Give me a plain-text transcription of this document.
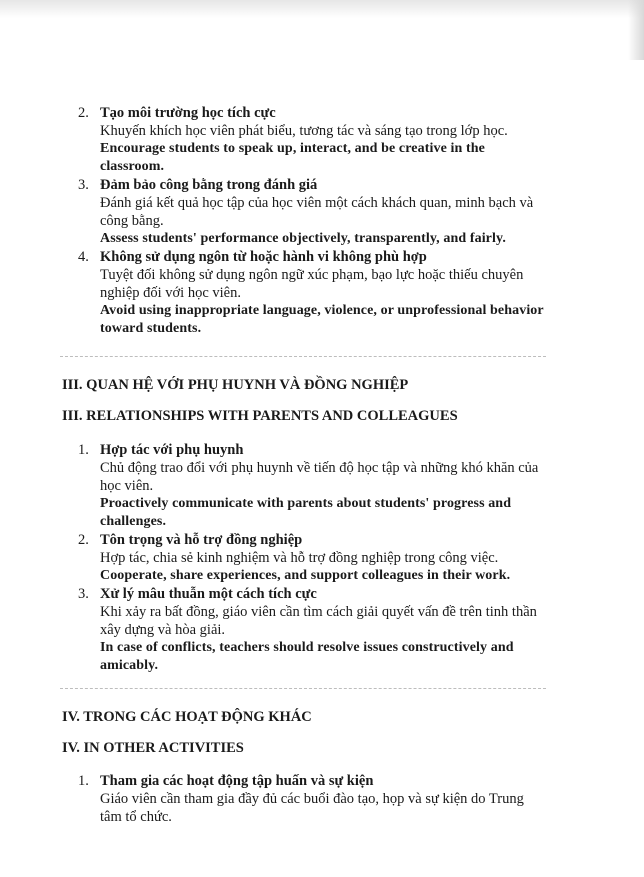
2. Tạo môi trường học tích cực
Khuyến khích học viên phát biểu, tương tác và sáng tạo trong lớp học.
Encourage students to speak up, interact, and be creative in the classroom.
3. Đảm bảo công bằng trong đánh giá
Đánh giá kết quả học tập của học viên một cách khách quan, minh bạch và công bằng.
Assess students' performance objectively, transparently, and fairly.
4. Không sử dụng ngôn từ hoặc hành vi không phù hợp
Tuyệt đối không sử dụng ngôn ngữ xúc phạm, bạo lực hoặc thiếu chuyên nghiệp đối với học viên.
Avoid using inappropriate language, violence, or unprofessional behavior toward students.
III. QUAN HỆ VỚI PHỤ HUYNH VÀ ĐỒNG NGHIỆP
III. RELATIONSHIPS WITH PARENTS AND COLLEAGUES
1. Hợp tác với phụ huynh
Chủ động trao đổi với phụ huynh về tiến độ học tập và những khó khăn của học viên.
Proactively communicate with parents about students' progress and challenges.
2. Tôn trọng và hỗ trợ đồng nghiệp
Hợp tác, chia sẻ kinh nghiệm và hỗ trợ đồng nghiệp trong công việc.
Cooperate, share experiences, and support colleagues in their work.
3. Xử lý mâu thuẫn một cách tích cực
Khi xảy ra bất đồng, giáo viên cần tìm cách giải quyết vấn đề trên tinh thần xây dựng và hòa giải.
In case of conflicts, teachers should resolve issues constructively and amicably.
IV. TRONG CÁC HOẠT ĐỘNG KHÁC
IV. IN OTHER ACTIVITIES
1. Tham gia các hoạt động tập huấn và sự kiện
Giáo viên cần tham gia đầy đủ các buổi đào tạo, họp và sự kiện do Trung tâm tổ chức.
